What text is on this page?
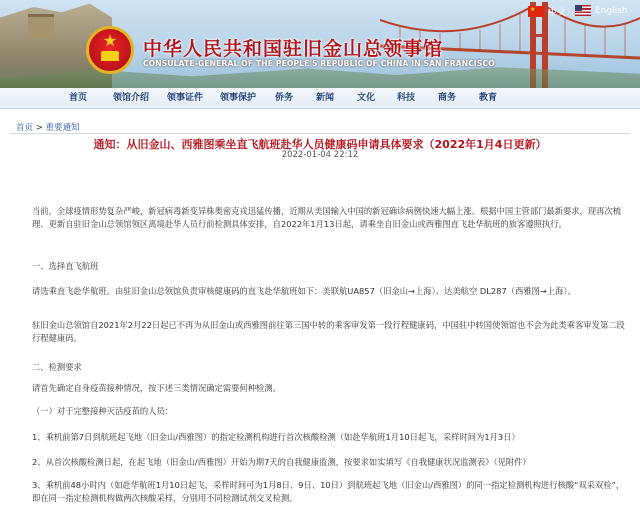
★	中华人民共和国驻旧金山总领事馆
CONSULATE-GENERAL OF THE PEOPLE'S REPUBLIC OF CHINA IN SAN FRANCISCO
★ 中文	English
首页	领馆介绍 领事证件 领事保护 侨务	新闻	文化 科技	商务	教育
首页 > 重要通知
通知：从旧金山、西雅图乘坐直飞航班赴华人员健康码申请具体要求（2022年1月4日更新）
2022-01-04 22:12

当前，全球疫情形势复杂严峻，新冠病毒新变异株奥密克戎迅猛传播，近期从美国输入中国的新冠确诊病例快速大幅上涨。根据中国主管部门最新要求，现再次梳理、更新自驻旧金山总领馆领区离境赴华人员行前检测具体安排，自2022年1月13日起，请乘坐自旧金山或西雅图直飞赴华航班的旅客遵照执行。

一、选择直飞航班

请选乘直飞赴华航班。由驻旧金山总领馆负责审核健康码的直飞赴华航班如下：美联航UA857（旧金山→上海）、达美航空 DL287（西雅图→上海）。

驻旧金山总领馆自2021年2月22日起已不再为从旧金山或西雅图前往第三国中转的乘客审发第一段行程健康码，中国驻中转国使领馆也不会为此类乘客审发第二段行程健康码。

二、检测要求

请首先确定自身疫苗接种情况，按下述三类情况确定需要何种检测。

（一）对于完整接种灭活疫苗的人员：

1、乘机前第7日到航班起飞地（旧金山/西雅图）的指定检测机构进行首次核酸检测（如赴华航班1月10日起飞，采样时间为1月3日）

2、从首次核酸检测日起，在起飞地（旧金山/西雅图）开始为期7天的自我健康监测，按要求如实填写《自我健康状况监测表》（见附件）

3、乘机前48小时内（如赴华航班1月10日起飞，采样时间可为1月8日、9日、10日）到航班起飞地（旧金山/西雅图）的同一指定检测机构进行核酸“双采双检”，即在同一指定检测机构做两次核酸采样，分别用不同检测试剂交叉检测。
